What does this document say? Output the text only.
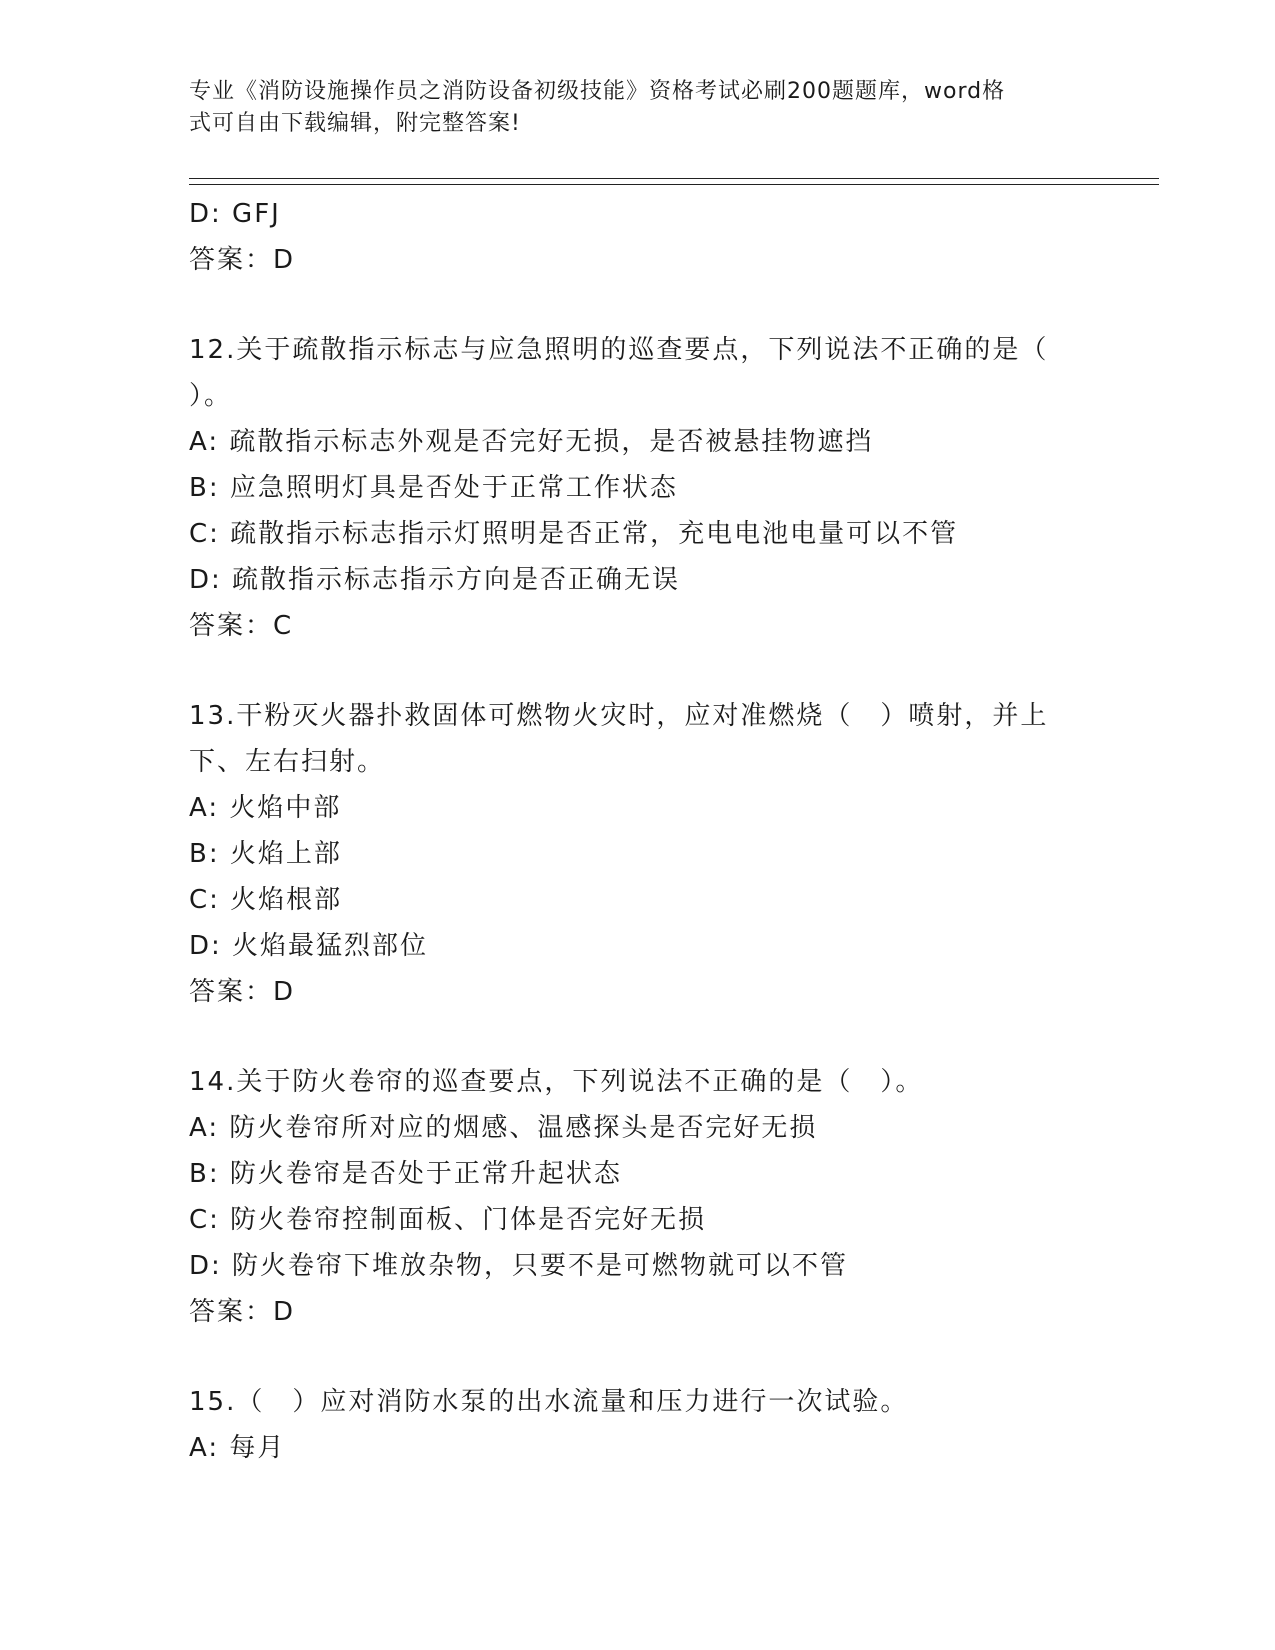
专业《消防设施操作员之消防设备初级技能》资格考试必刷200题题库，word格
式可自由下载编辑，附完整答案!
D: GFJ
答案：D
12.关于疏散指示标志与应急照明的巡查要点，下列说法不正确的是（
）。
A: 疏散指示标志外观是否完好无损，是否被悬挂物遮挡
B: 应急照明灯具是否处于正常工作状态
C: 疏散指示标志指示灯照明是否正常，充电电池电量可以不管
D: 疏散指示标志指示方向是否正确无误
答案：C
13.干粉灭火器扑救固体可燃物火灾时，应对准燃烧（　）喷射，并上
下、左右扫射。
A: 火焰中部
B: 火焰上部
C: 火焰根部
D: 火焰最猛烈部位
答案：D
14.关于防火卷帘的巡查要点，下列说法不正确的是（　）。
A: 防火卷帘所对应的烟感、温感探头是否完好无损
B: 防火卷帘是否处于正常升起状态
C: 防火卷帘控制面板、门体是否完好无损
D: 防火卷帘下堆放杂物，只要不是可燃物就可以不管
答案：D
15.（　）应对消防水泵的出水流量和压力进行一次试验。
A: 每月
